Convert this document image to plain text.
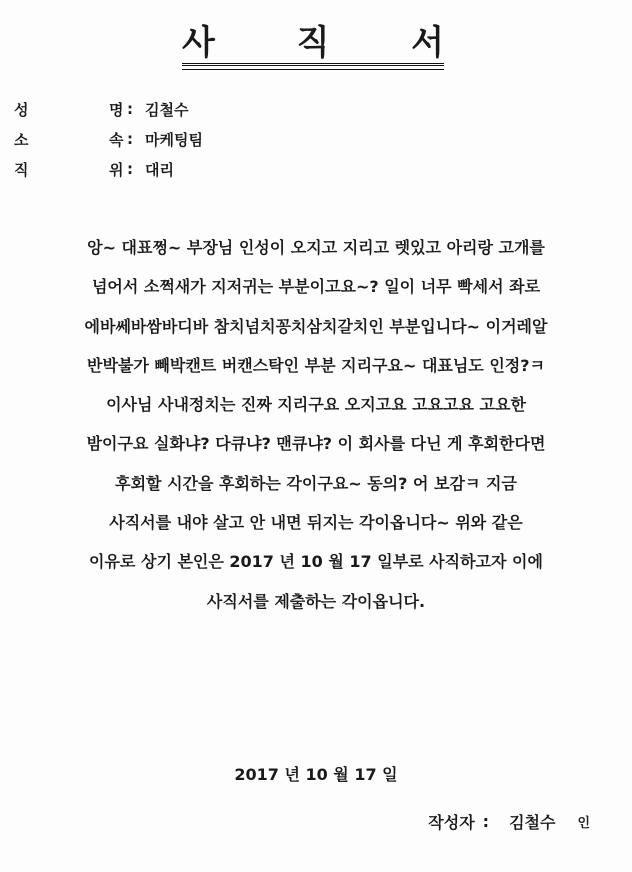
사 직 서
성	명 : 김철수
소	속 : 마케팅팀
직	위 : 대리
앙~ 대표쩡~ 부장님 인성이 오지고 지리고 렛있고 아리랑 고개를
넘어서 소쩍새가 지저귀는 부분이고요~? 일이 너무 빡세서 좌로
에바쎄바쌈바디바 참치넘치꽁치삼치갈치인 부분입니다~ 이거레알
반박불가 빼박캔트 버캔스탁인 부분 지리구요~ 대표님도 인정?ㅋ
이사님 사내정치는 진짜 지리구요 오지고요 고요고요 고요한
밤이구요 실화냐? 다큐냐? 맨큐냐? 이 회사를 다닌 게 후회한다면
후회할 시간을 후회하는 각이구요~ 동의? 어 보감ㅋ 지금
사직서를 내야 살고 안 내면 뒤지는 각이옵니다~ 위와 같은
이유로 상기 본인은 2017 년 10 월 17 일부로 사직하고자 이에
사직서를 제출하는 각이옵니다.
2017 년 10 월 17 일
작성자 : 김철수 인
